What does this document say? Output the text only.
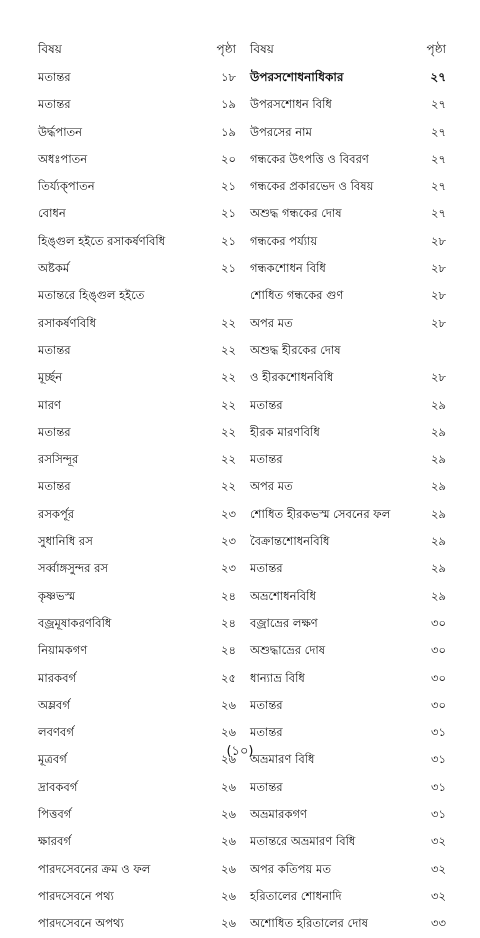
বিষয়	পৃষ্ঠা
মতান্তর	১৮
মতান্তর	১৯
উর্দ্ধপাতন	১৯
অধঃপাতন	২০
তির্য্যক্‌পাতন	২১
বোধন	২১
হিঙ্গুল হইতে রসাকর্ষণবিধি	২১
অষ্টকর্ম	২১
মতান্তরে হিঙ্গুল হইতে
রসাকর্ষণবিধি	২২
মতান্তর	২২
মূর্চ্ছন	২২
মারণ	২২
মতান্তর	২২
রসসিন্দূর	২২
মতান্তর	২২
রসকর্পূর	২৩
সুধানিধি রস	২৩
সর্ব্বাঙ্গসুন্দর রস	২৩
কৃষ্ণভস্ম	২৪
বজ্রমূষাকরণবিধি	২৪
নিয়ামকগণ	২৪
মারকবর্গ	২৫
অম্লবর্গ	২৬
লবণবর্গ	২৬
মূত্রবর্গ	২৬
দ্রাবকবর্গ	২৬
পিত্তবর্গ	২৬
ক্ষারবর্গ	২৬
পারদসেবনের ক্রম ও ফল	২৬
পারদসেবনে পথ্য	২৬
পারদসেবনে অপথ্য	২৬
বিষয়	পৃষ্ঠা
উপরসশোধনাধিকার	২৭
উপরসশোধন বিধি	২৭
উপরসের নাম	২৭
গন্ধকের উৎপত্তি ও বিবরণ	২৭
গন্ধকের প্রকারভেদ ও বিষয়	২৭
অশুদ্ধ গন্ধকের দোষ	২৭
গন্ধকের পর্য্যায়	২৮
গন্ধকশোধন বিধি	২৮
শোধিত গন্ধকের গুণ	২৮
অপর মত	২৮
অশুদ্ধ হীরকের দোষ
ও হীরকশোধনবিধি	২৮
মতান্তর	২৯
হীরক মারণবিধি	২৯
মতান্তর	২৯
অপর মত	২৯
শোধিত হীরকভস্ম সেবনের ফল	২৯
বৈক্রান্তশোধনবিধি	২৯
মতান্তর	২৯
অভ্রশোধনবিধি	২৯
বজ্রাভ্রের লক্ষণ	৩০
অশুদ্ধাভ্রের দোষ	৩০
ধান্যাভ্র বিধি	৩০
মতান্তর	৩০
মতান্তর	৩১
অভ্রমারণ বিধি	৩১
মতান্তর	৩১
অভ্রমারকগণ	৩১
মতান্তরে অভ্রমারণ বিধি	৩২
অপর কতিপয় মত	৩২
হরিতালের শোধনাদি	৩২
অশোধিত হরিতালের দোষ	৩৩
(১০)
